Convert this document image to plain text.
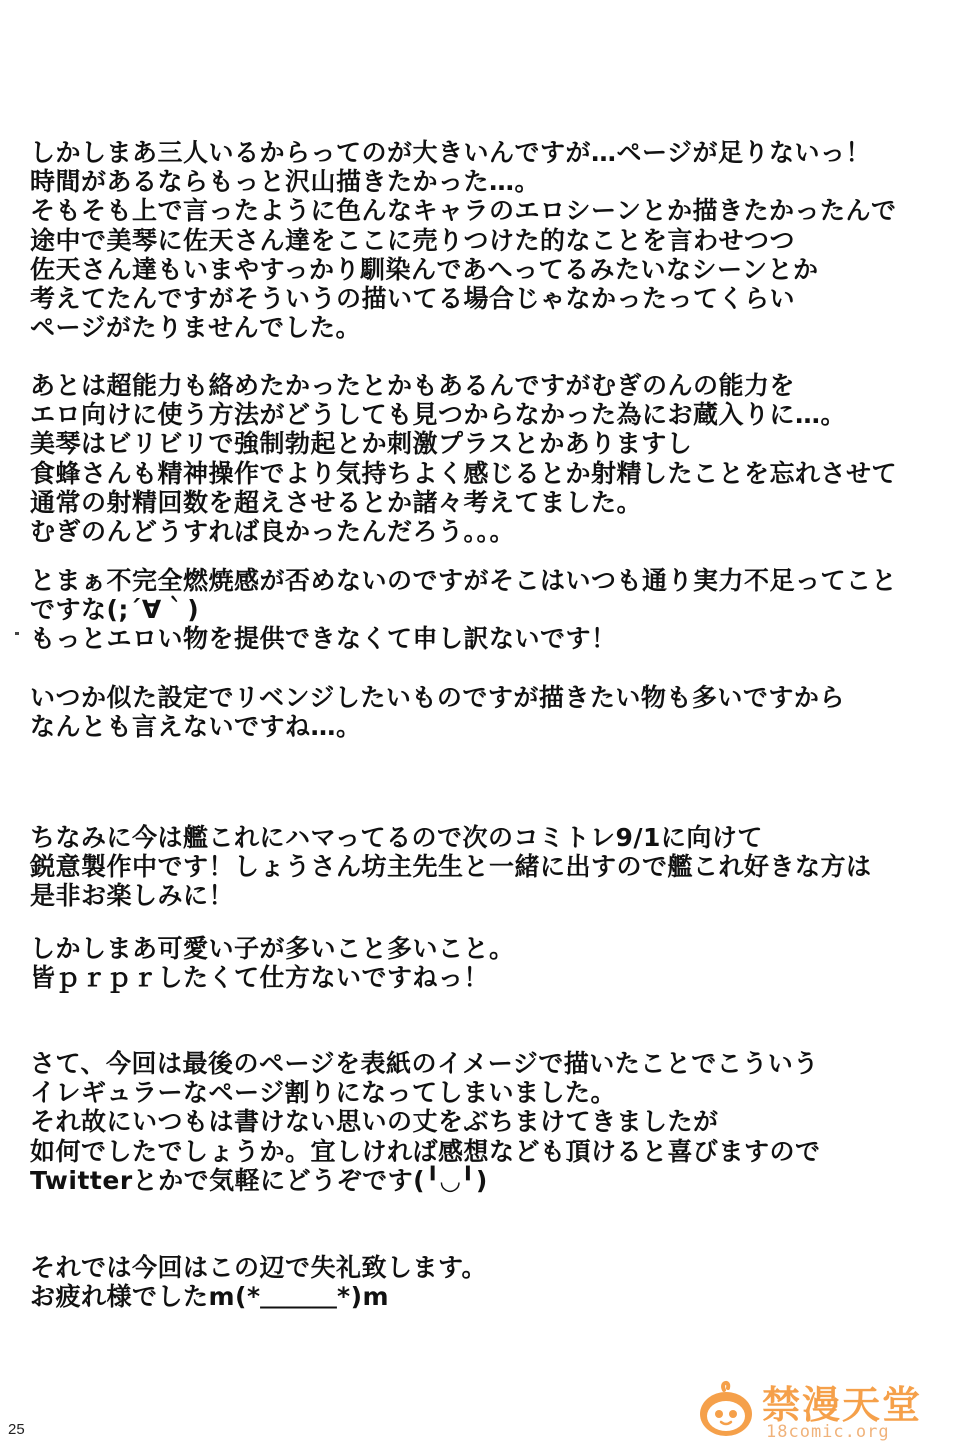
しかしまあ三人いるからってのが大きいんですが…ページが足りないっ！
時間があるならもっと沢山描きたかった…。
そもそも上で言ったように色んなキャラのエロシーンとか描きたかったんで
途中で美琴に佐天さん達をここに売りつけた的なことを言わせつつ
佐天さん達もいまやすっかり馴染んであへってるみたいなシーンとか
考えてたんですがそういうの描いてる場合じゃなかったってくらい
ページがたりませんでした。
あとは超能力も絡めたかったとかもあるんですがむぎのんの能力を
エロ向けに使う方法がどうしても見つからなかった為にお蔵入りに…。
美琴はビリビリで強制勃起とか刺激プラスとかありますし
食蜂さんも精神操作でより気持ちよく感じるとか射精したことを忘れさせて
通常の射精回数を超えさせるとか諸々考えてました。
むぎのんどうすれば良かったんだろう。。。
とまぁ不完全燃焼感が否めないのですがそこはいつも通り実力不足ってこと
ですな(;´∀｀)
もっとエロい物を提供できなくて申し訳ないです！
いつか似た設定でリベンジしたいものですが描きたい物も多いですから
なんとも言えないですね…。
ちなみに今は艦これにハマってるので次のコミトレ9/1に向けて
鋭意製作中です！しょうさん坊主先生と一緒に出すので艦これ好きな方は
是非お楽しみに！
しかしまあ可愛い子が多いこと多いこと。
皆ｐｒｐｒしたくて仕方ないですねっ！
さて、今回は最後のページを表紙のイメージで描いたことでこういう
イレギュラーなページ割りになってしまいました。
それ故にいつもは書けない思いの丈をぶちまけてきましたが
如何でしたでしょうか。宜しければ感想なども頂けると喜びますので
Twitterとかで気軽にどうぞです(╹◡╹)
それでは今回はこの辺で失礼致します。
お疲れ様でしたm(*＿＿＿*)m
25
禁漫天堂
18comic.org
